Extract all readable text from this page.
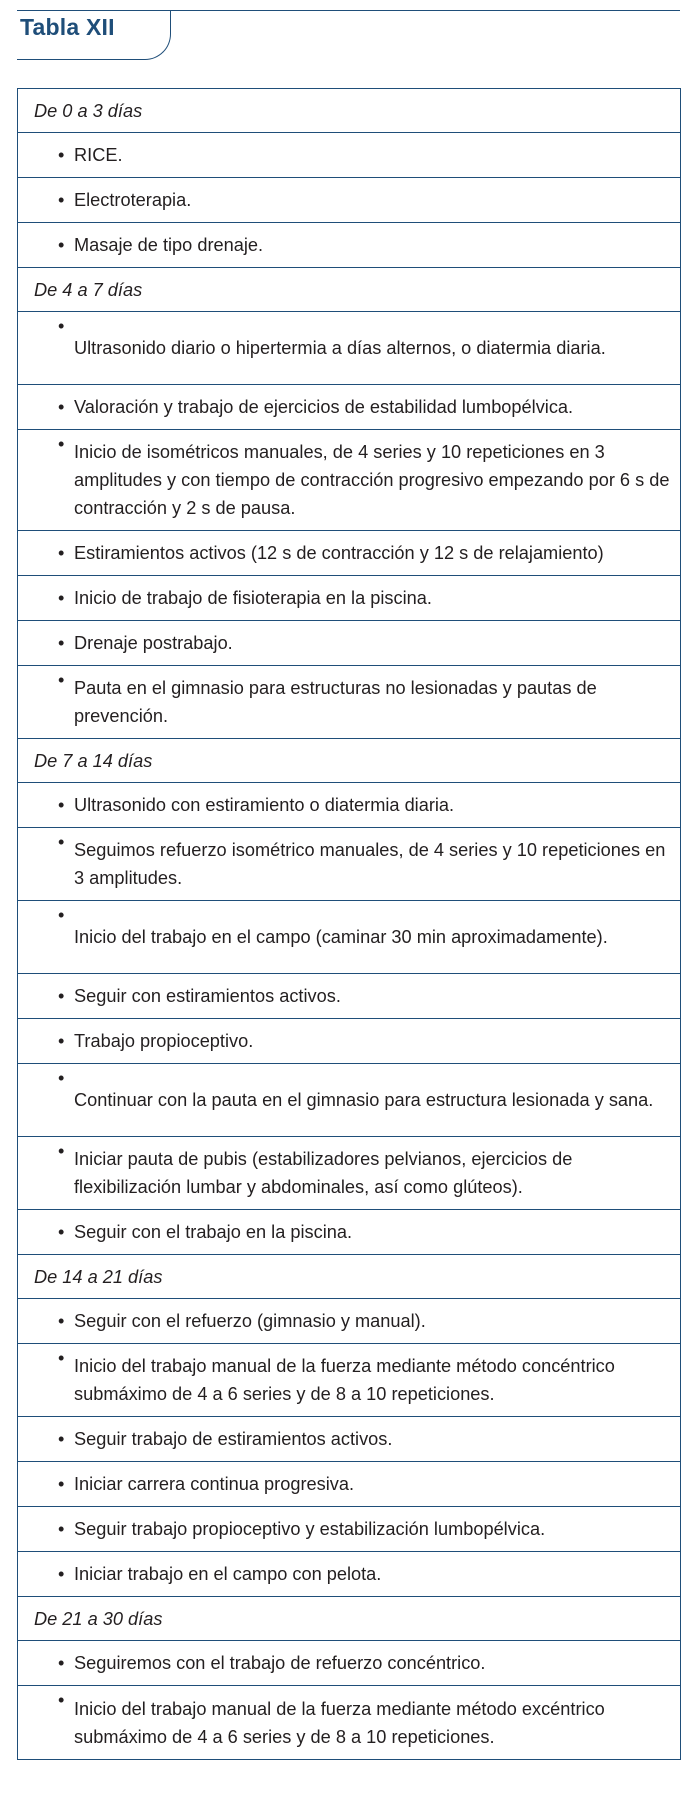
Tabla XII
De 0 a 3 días
• RICE.
• Electroterapia.
• Masaje de tipo drenaje.
De 4 a 7 días
•
Ultrasonido diario o hipertermia a días alternos, o diatermia diaria.
• Valoración y trabajo de ejercicios de estabilidad lumbopélvica.
• Inicio de isométricos manuales, de 4 series y 10 repeticiones en 3 amplitudes y con tiempo de contracción progresivo empezando por 6 s de contracción y 2 s de pausa.
• Estiramientos activos (12 s de contracción y 12 s de relajamiento)
• Inicio de trabajo de fisioterapia en la piscina.
• Drenaje postrabajo.
• Pauta en el gimnasio para estructuras no lesionadas y pautas de prevención.
De 7 a 14 días
• Ultrasonido con estiramiento o diatermia diaria.
• Seguimos refuerzo isométrico manuales, de 4 series y 10 repeticiones en 3 amplitudes.
•
Inicio del trabajo en el campo (caminar 30 min aproximadamente).
• Seguir con estiramientos activos.
• Trabajo propioceptivo.
•
Continuar con la pauta en el gimnasio para estructura lesionada y sana.
• Iniciar pauta de pubis (estabilizadores pelvianos, ejercicios de flexibilización lumbar y abdominales, así como glúteos).
• Seguir con el trabajo en la piscina.
De 14 a 21 días
• Seguir con el refuerzo (gimnasio y manual).
• Inicio del trabajo manual de la fuerza mediante método concéntrico submáximo de 4 a 6 series y de 8 a 10 repeticiones.
• Seguir trabajo de estiramientos activos.
• Iniciar carrera continua progresiva.
• Seguir trabajo propioceptivo y estabilización lumbopélvica.
• Iniciar trabajo en el campo con pelota.
De 21 a 30 días
• Seguiremos con el trabajo de refuerzo concéntrico.
• Inicio del trabajo manual de la fuerza mediante método excéntrico submáximo de 4 a 6 series y de 8 a 10 repeticiones.
